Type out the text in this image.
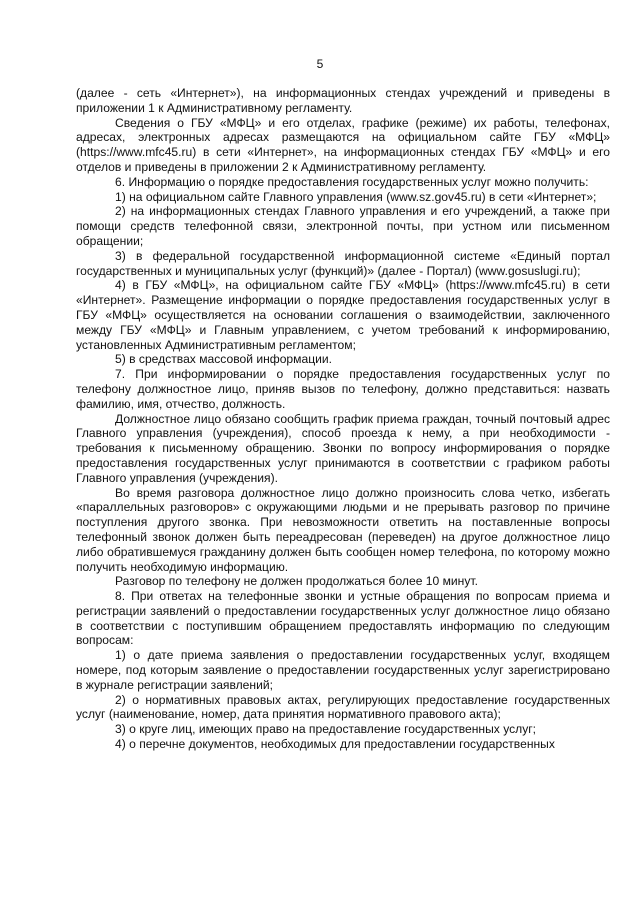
5

(далее - сеть «Интернет»), на информационных стендах учреждений и приведены в приложении 1 к Административному регламенту.

Сведения о ГБУ «МФЦ» и его отделах, графике (режиме) их работы, телефонах, адресах, электронных адресах размещаются на официальном сайте ГБУ «МФЦ» (https://www.mfc45.ru) в сети «Интернет», на информационных стендах ГБУ «МФЦ» и его отделов и приведены в приложении 2 к Административному регламенту.

6. Информацию о порядке предоставления государственных услуг можно получить:

1) на официальном сайте Главного управления (www.sz.gov45.ru) в сети «Интернет»;

2) на информационных стендах Главного управления и его учреждений, а также при помощи средств телефонной связи, электронной почты, при устном или письменном обращении;

3) в федеральной государственной информационной системе «Единый портал государственных и муниципальных услуг (функций)» (далее - Портал) (www.gosuslugi.ru);

4) в ГБУ «МФЦ», на официальном сайте ГБУ «МФЦ» (https://www.mfc45.ru) в сети «Интернет». Размещение информации о порядке предоставления государственных услуг в ГБУ «МФЦ» осуществляется на основании соглашения о взаимодействии, заключенного между ГБУ «МФЦ» и Главным управлением, с учетом требований к информированию, установленных Административным регламентом;

5) в средствах массовой информации.

7. При информировании о порядке предоставления государственных услуг по телефону должностное лицо, приняв вызов по телефону, должно представиться: назвать фамилию, имя, отчество, должность.

Должностное лицо обязано сообщить график приема граждан, точный почтовый адрес Главного управления (учреждения), способ проезда к нему, а при необходимости - требования к письменному обращению. Звонки по вопросу информирования о порядке предоставления государственных услуг принимаются в соответствии с графиком работы Главного управления (учреждения).

Во время разговора должностное лицо должно произносить слова четко, избегать «параллельных разговоров» с окружающими людьми и не прерывать разговор по причине поступления другого звонка. При невозможности ответить на поставленные вопросы телефонный звонок должен быть переадресован (переведен) на другое должностное лицо либо обратившемуся гражданину должен быть сообщен номер телефона, по которому можно получить необходимую информацию.

Разговор по телефону не должен продолжаться более 10 минут.

8. При ответах на телефонные звонки и устные обращения по вопросам приема и регистрации заявлений о предоставлении государственных услуг должностное лицо обязано в соответствии с поступившим обращением предоставлять информацию по следующим вопросам:

1) о дате приема заявления о предоставлении государственных услуг, входящем номере, под которым заявление о предоставлении государственных услуг зарегистрировано в журнале регистрации заявлений;

2) о нормативных правовых актах, регулирующих предоставление государственных услуг (наименование, номер, дата принятия нормативного правового акта);

3) о круге лиц, имеющих право на предоставление государственных услуг;

4) о перечне документов, необходимых для предоставлении государственных
